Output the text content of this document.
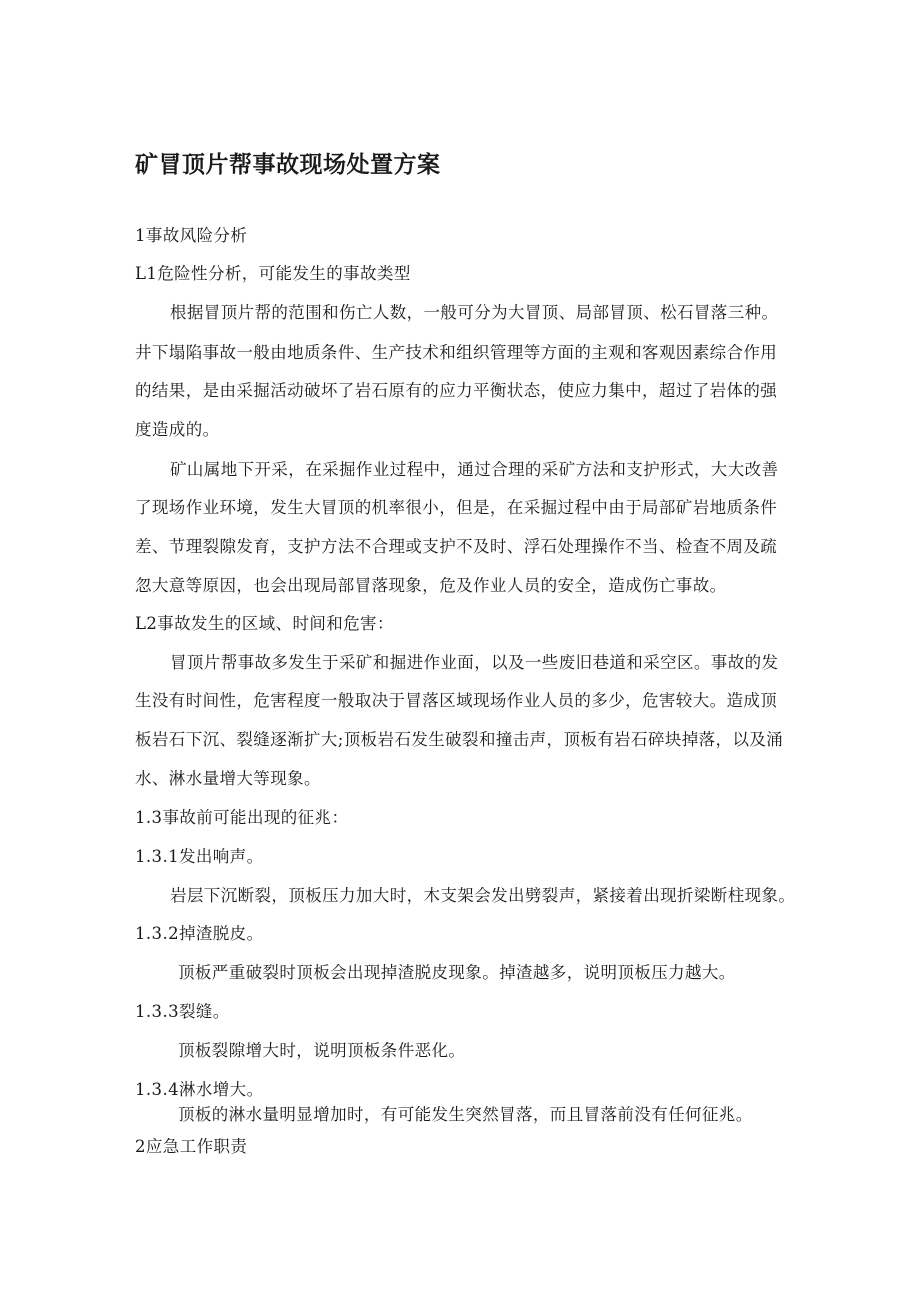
矿冒顶片帮事故现场处置方案

1事故风险分析

L1危险性分析，可能发生的事故类型

根据冒顶片帮的范围和伤亡人数，一般可分为大冒顶、局部冒顶、松石冒落三种。

井下塌陷事故一般由地质条件、生产技术和组织管理等方面的主观和客观因素综合作用

的结果，是由采掘活动破坏了岩石原有的应力平衡状态，使应力集中，超过了岩体的强

度造成的。

矿山属地下开采，在采掘作业过程中，通过合理的采矿方法和支护形式，大大改善

了现场作业环境，发生大冒顶的机率很小，但是，在采掘过程中由于局部矿岩地质条件

差、节理裂隙发育，支护方法不合理或支护不及时、浮石处理操作不当、检查不周及疏

忽大意等原因，也会出现局部冒落现象，危及作业人员的安全，造成伤亡事故。

L2事故发生的区域、时间和危害：

冒顶片帮事故多发生于采矿和掘进作业面，以及一些废旧巷道和采空区。事故的发

生没有时间性，危害程度一般取决于冒落区域现场作业人员的多少，危害较大。造成顶

板岩石下沉、裂缝逐渐扩大;顶板岩石发生破裂和撞击声，顶板有岩石碎块掉落，以及涌

水、淋水量增大等现象。

1.3事故前可能出现的征兆：

1.3.1发出响声。

岩层下沉断裂，顶板压力加大时，木支架会发出劈裂声，紧接着出现折梁断柱现象。

1.3.2掉渣脱皮。

顶板严重破裂时顶板会出现掉渣脱皮现象。掉渣越多，说明顶板压力越大。

1.3.3裂缝。

顶板裂隙增大时，说明顶板条件恶化。

1.3.4淋水增大。

顶板的淋水量明显增加时，有可能发生突然冒落，而且冒落前没有任何征兆。

2应急工作职责
